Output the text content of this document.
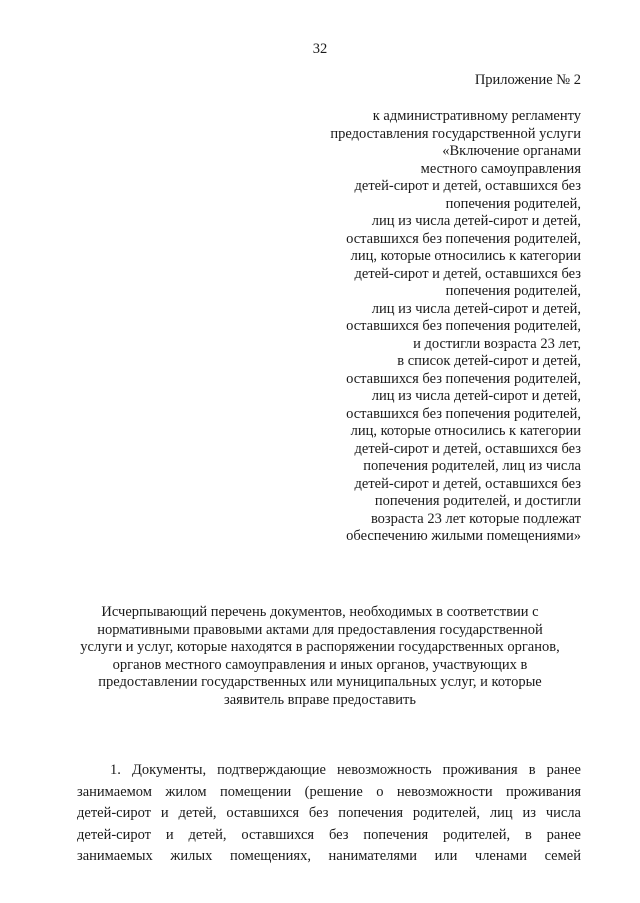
32
Приложение № 2
к административному регламенту
предоставления государственной услуги
«Включение органами
местного самоуправления
детей-сирот и детей, оставшихся без
попечения родителей,
лиц из числа детей-сирот и детей,
оставшихся без попечения родителей,
лиц, которые относились к категории
детей-сирот и детей, оставшихся без
попечения родителей,
лиц из числа детей-сирот и детей,
оставшихся без попечения родителей,
и достигли возраста 23 лет,
в список детей-сирот и детей,
оставшихся без попечения родителей,
лиц из числа детей-сирот и детей,
оставшихся без попечения родителей,
лиц, которые относились к категории
детей-сирот и детей, оставшихся без
попечения родителей, лиц из числа
детей-сирот и детей, оставшихся без
попечения родителей, и достигли
возраста 23 лет которые подлежат
обеспечению жилыми помещениями»
Исчерпывающий перечень документов, необходимых в соответствии с
нормативными правовыми актами для предоставления государственной
услуги и услуг, которые находятся в распоряжении государственных органов,
органов местного самоуправления и иных органов, участвующих в
предоставлении государственных или муниципальных услуг, и которые
заявитель вправе предоставить
1. Документы, подтверждающие невозможность проживания в ранее
занимаемом жилом помещении (решение о невозможности проживания
детей-сирот и детей, оставшихся без попечения родителей, лиц из числа
детей-сирот и детей, оставшихся без попечения родителей, в ранее
занимаемых жилых помещениях, нанимателями или членами семей
